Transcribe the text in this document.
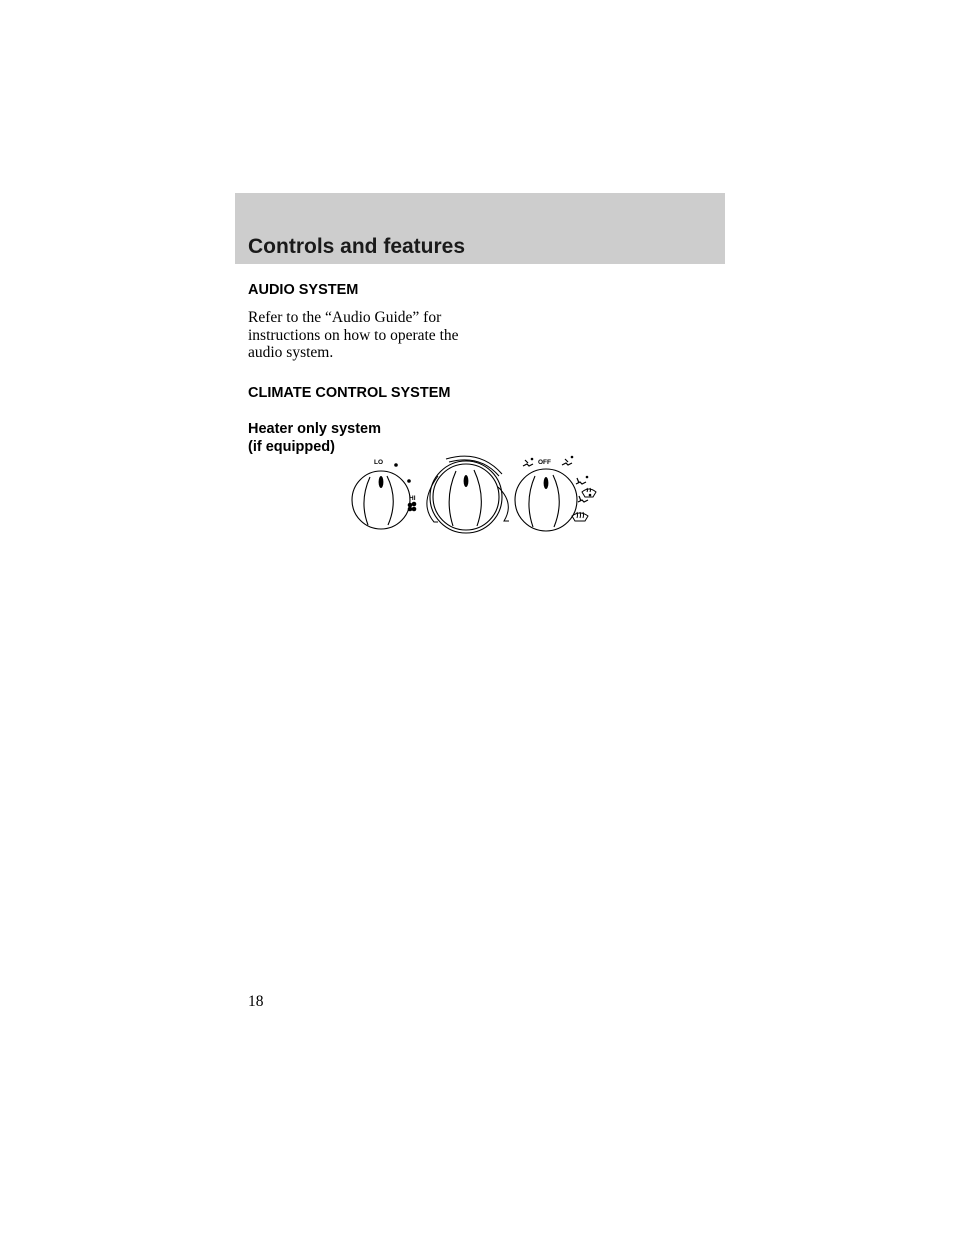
Controls and features
AUDIO SYSTEM

Refer to the “Audio Guide” for
instructions on how to operate the
audio system.

CLIMATE CONTROL SYSTEM
Heater only system
(if equipped)
LO
HI
OFF
18
